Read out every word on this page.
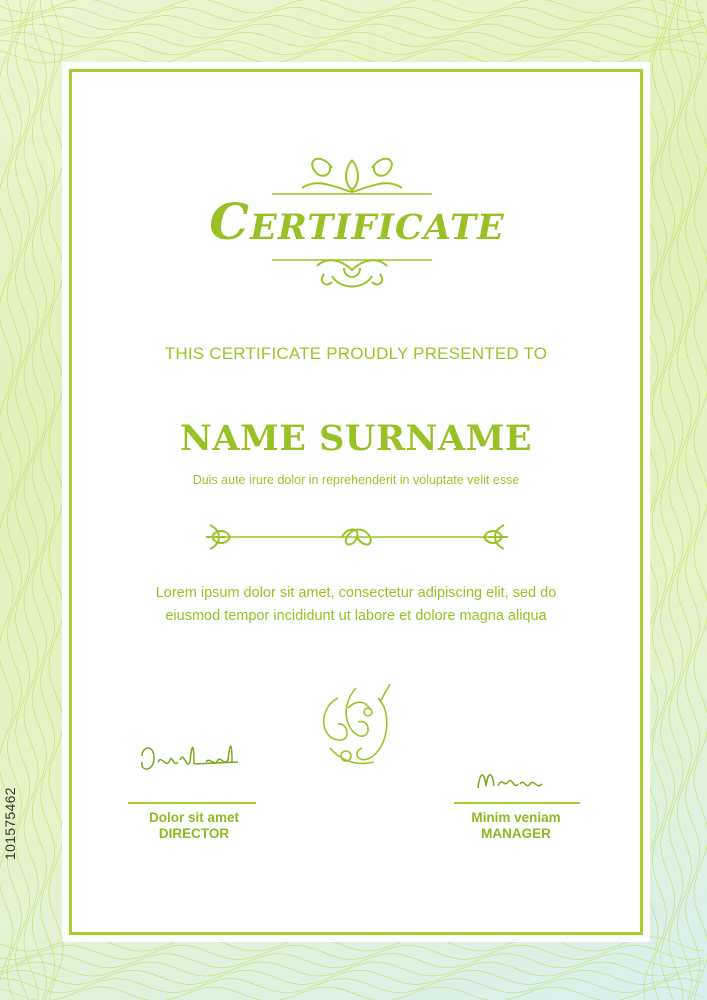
Certificate
THIS CERTIFICATE PROUDLY PRESENTED TO
NAME SURNAME
Duis aute irure dolor in reprehenderit in voluptate velit esse
Lorem ipsum dolor sit amet, consectetur adipiscing elit, sed do
eiusmod tempor incididunt ut labore et dolore magna aliqua
Dolor sit amet
DIRECTOR
Minim veniam
MANAGER
101575462
